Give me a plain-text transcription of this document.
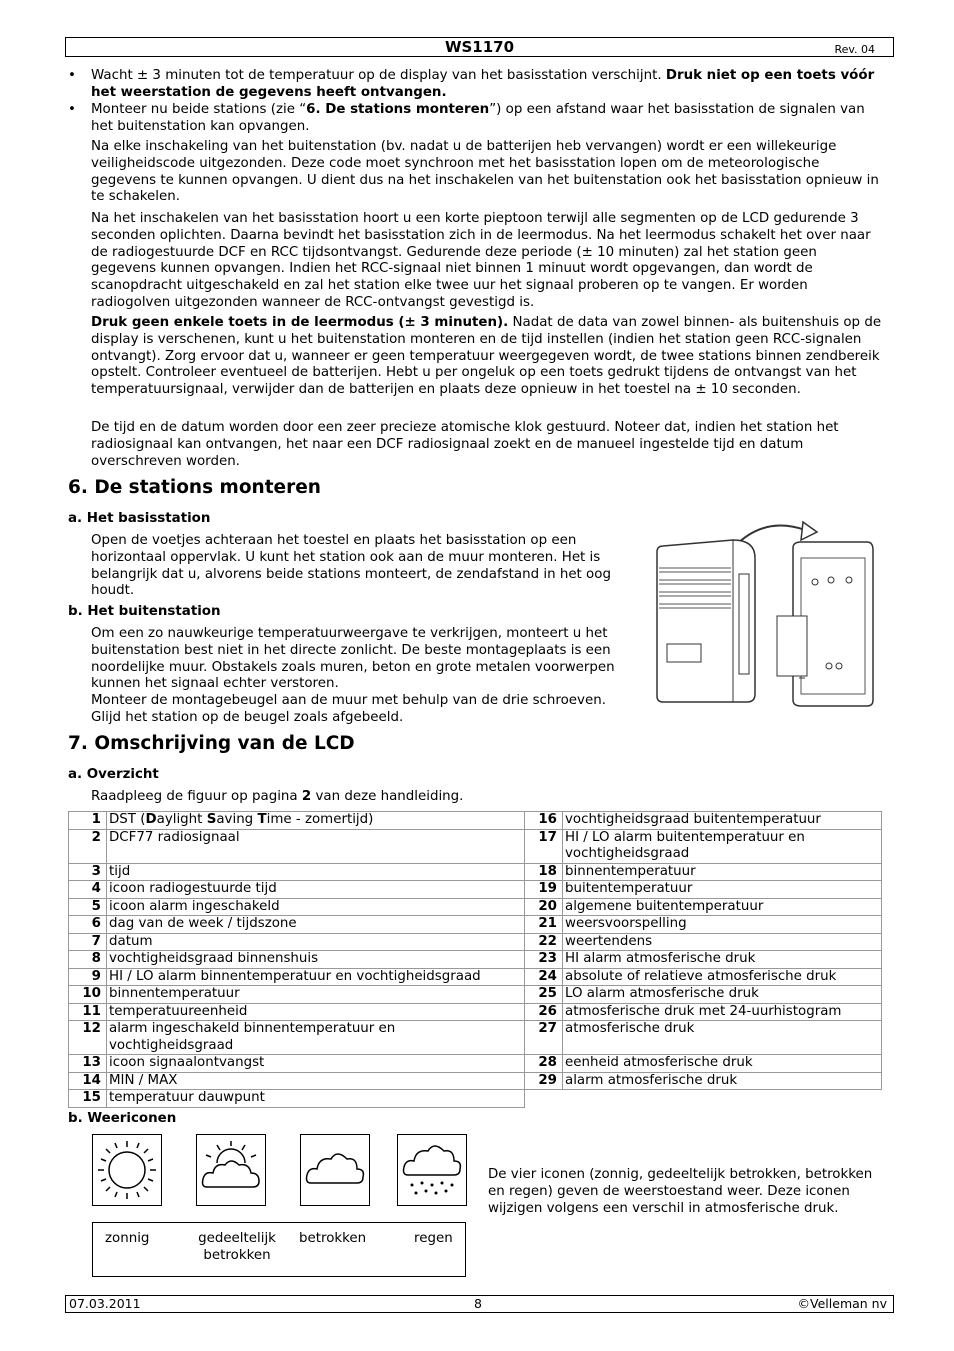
WS1170	Rev. 04
• Wacht ± 3 minuten tot de temperatuur op de display van het basisstation verschijnt. Druk niet op een toets vóór het weerstation de gegevens heeft ontvangen.
• Monteer nu beide stations (zie “6. De stations monteren”) op een afstand waar het basisstation de signalen van het buitenstation kan opvangen.
Na elke inschakeling van het buitenstation (bv. nadat u de batterijen heb vervangen) wordt er een willekeurige veiligheidscode uitgezonden. Deze code moet synchroon met het basisstation lopen om de meteorologische gegevens te kunnen opvangen. U dient dus na het inschakelen van het buitenstation ook het basisstation opnieuw in te schakelen.
Na het inschakelen van het basisstation hoort u een korte pieptoon terwijl alle segmenten op de LCD gedurende 3 seconden oplichten. Daarna bevindt het basisstation zich in de leermodus. Na het leermodus schakelt het over naar de radiogestuurde DCF en RCC tijdsontvangst. Gedurende deze periode (± 10 minuten) zal het station geen gegevens kunnen opvangen. Indien het RCC-signaal niet binnen 1 minuut wordt opgevangen, dan wordt de scanopdracht uitgeschakeld en zal het station elke twee uur het signaal proberen op te vangen. Er worden radiogolven uitgezonden wanneer de RCC-ontvangst gevestigd is.
Druk geen enkele toets in de leermodus (± 3 minuten). Nadat de data van zowel binnen- als buitenshuis op de display is verschenen, kunt u het buitenstation monteren en de tijd instellen (indien het station geen RCC-signalen ontvangt). Zorg ervoor dat u, wanneer er geen temperatuur weergegeven wordt, de twee stations binnen zendbereik opstelt. Controleer eventueel de batterijen. Hebt u per ongeluk op een toets gedrukt tijdens de ontvangst van het temperatuursignaal, verwijder dan de batterijen en plaats deze opnieuw in het toestel na ± 10 seconden.
De tijd en de datum worden door een zeer precieze atomische klok gestuurd. Noteer dat, indien het station het radiosignaal kan ontvangen, het naar een DCF radiosignaal zoekt en de manueel ingestelde tijd en datum overschreven worden.
6. De stations monteren
a. Het basisstation
Open de voetjes achteraan het toestel en plaats het basisstation op een horizontaal oppervlak. U kunt het station ook aan de muur monteren. Het is belangrijk dat u, alvorens beide stations monteert, de zendafstand in het oog houdt.
b. Het buitenstation

Om een zo nauwkeurige temperatuurweergave te verkrijgen, monteert u het buitenstation best niet in het directe zonlicht. De beste montageplaats is een noordelijke muur. Obstakels zoals muren, beton en grote metalen voorwerpen kunnen het signaal echter verstoren.

Monteer de montagebeugel aan de muur met behulp van de drie schroeven. Glijd het station op de beugel zoals afgebeeld.

7. Omschrijving van de LCD
a. Overzicht
Raadpleeg de figuur op pagina 2 van deze handleiding.
1	DST (Daylight Saving Time - zomertijd)	16	vochtigheidsgraad buitentemperatuur
2	DCF77 radiosignaal	17	HI / LO alarm buitentemperatuur en vochtigheidsgraad
3	tijd	18	binnentemperatuur
4	icoon radiogestuurde tijd	19	buitentemperatuur
5	icoon alarm ingeschakeld	20	algemene buitentemperatuur
6	dag van de week / tijdszone	21	weersvoorspelling
7	datum	22	weertendens
8	vochtigheidsgraad binnenshuis	23	HI alarm atmosferische druk
9	HI / LO alarm binnentemperatuur en vochtigheidsgraad	24	absolute of relatieve atmosferische druk
10	binnentemperatuur	25	LO alarm atmosferische druk
11	temperatuureenheid	26	atmosferische druk met 24-uurhistogram
12	alarm ingeschakeld binnentemperatuur en vochtigheidsgraad	27	atmosferische druk
13	icoon signaalontvangst	28	eenheid atmosferische druk
14	MIN / MAX	29	alarm atmosferische druk
15	temperatuur dauwpunt		
b. Weericonen
zonnig	gedeeltelijk betrokken
betrokken	regen
De vier iconen (zonnig, gedeeltelijk betrokken, betrokken en regen) geven de weerstoestand weer. Deze iconen wijzigen volgens een verschil in atmosferische druk.
07.03.2011	8	©Velleman nv
